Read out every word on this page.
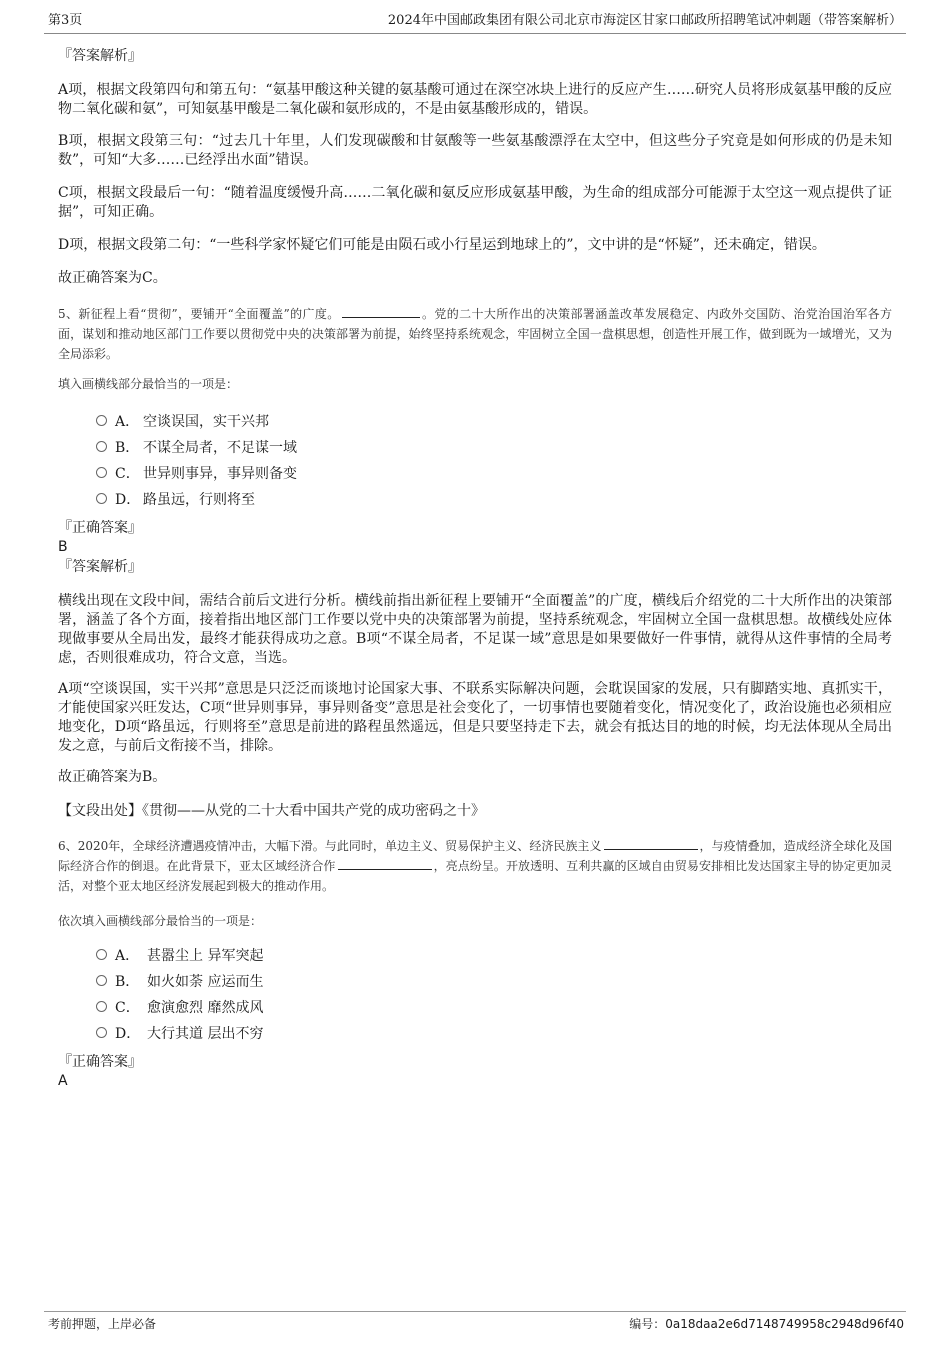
第3页	2024年中国邮政集团有限公司北京市海淀区甘家口邮政所招聘笔试冲刺题（带答案解析）
『答案解析』
A项，根据文段第四句和第五句：“氨基甲酸这种关键的氨基酸可通过在深空冰块上进行的反应产生……研究人员将形成氨基甲酸的反应物二氧化碳和氨”，可知氨基甲酸是二氧化碳和氨形成的，不是由氨基酸形成的，错误。
B项，根据文段第三句：“过去几十年里，人们发现碳酸和甘氨酸等一些氨基酸漂浮在太空中，但这些分子究竟是如何形成的仍是未知数”，可知“大多……已经浮出水面”错误。
C项，根据文段最后一句：“随着温度缓慢升高……二氧化碳和氨反应形成氨基甲酸，为生命的组成部分可能源于太空这一观点提供了证据”，可知正确。
D项，根据文段第二句：“一些科学家怀疑它们可能是由陨石或小行星运到地球上的”，文中讲的是“怀疑”，还未确定，错误。
故正确答案为C。
5、新征程上看“贯彻”，要铺开“全面覆盖”的广度。	。党的二十大所作出的决策部署涵盖改革发展稳定、内政外交国防、治党治国治军各方面，谋划和推动地区部门工作要以贯彻党中央的决策部署为前提，始终坚持系统观念，牢固树立全国一盘棋思想，创造性开展工作，做到既为一域增光，又为全局添彩。
填入画横线部分最恰当的一项是：
A． 空谈误国，实干兴邦
B． 不谋全局者，不足谋一域
C． 世异则事异，事异则备变
D． 路虽远，行则将至
『正确答案』
B
『答案解析』
横线出现在文段中间，需结合前后文进行分析。横线前指出新征程上要铺开“全面覆盖”的广度，横线后介绍党的二十大所作出的决策部署，涵盖了各个方面，接着指出地区部门工作要以党中央的决策部署为前提，坚持系统观念，牢固树立全国一盘棋思想。故横线处应体现做事要从全局出发，最终才能获得成功之意。B项“不谋全局者，不足谋一域”意思是如果要做好一件事情，就得从这件事情的全局考虑，否则很难成功，符合文意，当选。
A项“空谈误国，实干兴邦”意思是只泛泛而谈地讨论国家大事、不联系实际解决问题，会耽误国家的发展，只有脚踏实地、真抓实干，才能使国家兴旺发达，C项“世异则事异，事异则备变”意思是社会变化了，一切事情也要随着变化，情况变化了，政治设施也必须相应地变化，D项“路虽远，行则将至”意思是前进的路程虽然遥远，但是只要坚持走下去，就会有抵达目的地的时候，均无法体现从全局出发之意，与前后文衔接不当，排除。
故正确答案为B。
【文段出处】《贯彻——从党的二十大看中国共产党的成功密码之十》
6、2020年，全球经济遭遇疫情冲击，大幅下滑。与此同时，单边主义、贸易保护主义、经济民族主义	，与疫情叠加，造成经济全球化及国际经济合作的倒退。在此背景下，亚太区域经济合作	，亮点纷呈。开放透明、互利共赢的区域自由贸易安排相比发达国家主导的协定更加灵活，对整个亚太地区经济发展起到极大的推动作用。
依次填入画横线部分最恰当的一项是：
A． 甚嚣尘上 异军突起
B． 如火如荼 应运而生
C． 愈演愈烈 靡然成风
D． 大行其道 层出不穷
『正确答案』
A
考前押题，上岸必备	编号：0a18daa2e6d7148749958c2948d96f40
